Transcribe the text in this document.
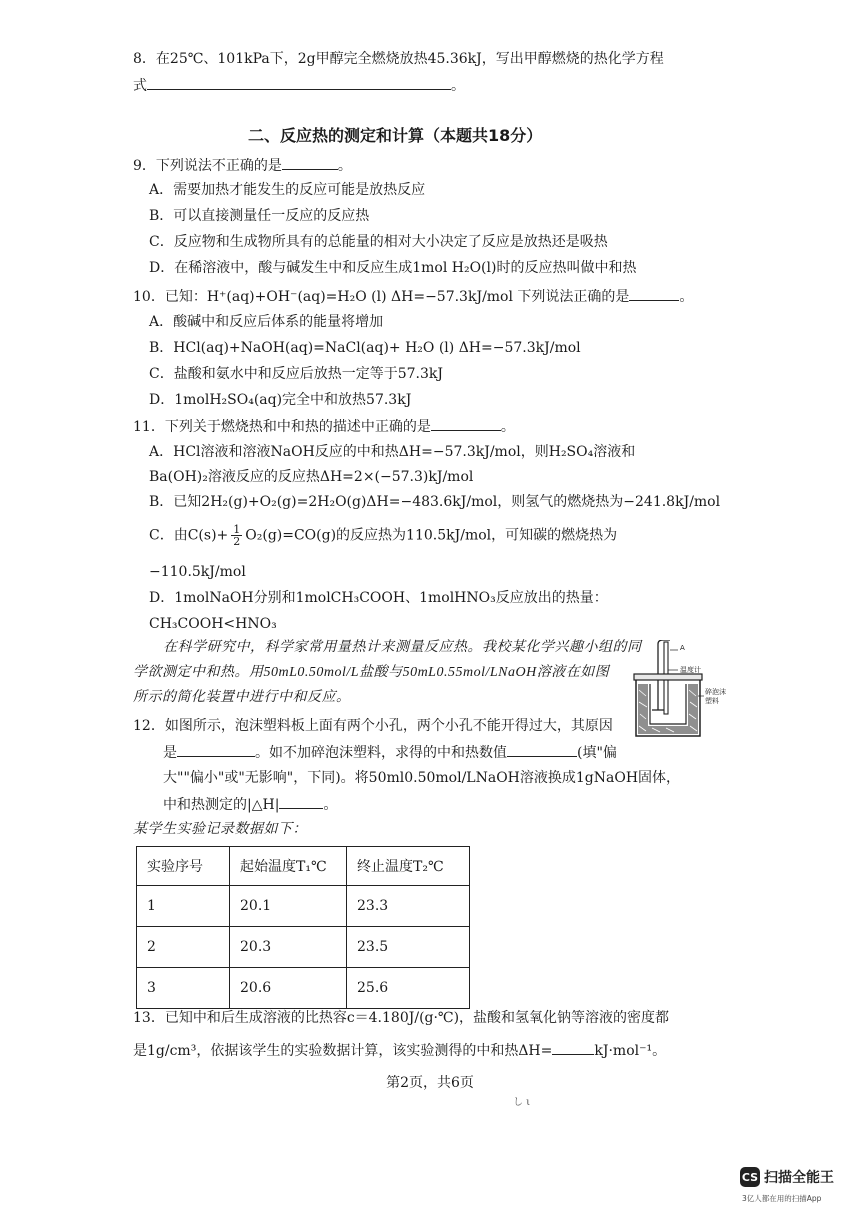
8．在25℃、101kPa下，2g甲醇完全燃烧放热45.36kJ，写出甲醇燃烧的热化学方程
式	。
二、反应热的测定和计算（本题共18分）
9．下列说法不正确的是	。
A．需要加热才能发生的反应可能是放热反应
B．可以直接测量任一反应的反应热
C．反应物和生成物所具有的总能量的相对大小决定了反应是放热还是吸热
D．在稀溶液中，酸与碱发生中和反应生成1mol H₂O(l)时的反应热叫做中和热
10．已知：H⁺(aq)+OH⁻(aq)=H₂O (l) ΔH=−57.3kJ/mol 下列说法正确的是	。
A．酸碱中和反应后体系的能量将增加
B．HCl(aq)+NaOH(aq)=NaCl(aq)+ H₂O (l) ΔH=−57.3kJ/mol
C．盐酸和氨水中和反应后放热一定等于57.3kJ
D．1molH₂SO₄(aq)完全中和放热57.3kJ
11．下列关于燃烧热和中和热的描述中正确的是	。
A．HCl溶液和溶液NaOH反应的中和热ΔH=−57.3kJ/mol，则H₂SO₄溶液和
Ba(OH)₂溶液反应的反应热ΔH=2×(−57.3)kJ/mol
B．已知2H₂(g)+O₂(g)=2H₂O(g)ΔH=−483.6kJ/mol，则氢气的燃烧热为−241.8kJ/mol
C．由$C(s)+ \frac{1}{2} O_2(g)=CO(g)$的反应热为110.5kJ/mol，可知碳的燃烧热为
−110.5kJ/mol
D．1molNaOH分别和1molCH₃COOH、1molHNO₃反应放出的热量：
CH₃COOH<HNO₃
在科学研究中，科学家常用量热计来测量反应热。我校某化学兴趣小组的同
学欲测定中和热。用50mL0.50mol/L盐酸与50mL0.55mol/LNaOH溶液在如图
所示的简化装置中进行中和反应。
A
温度计
碎泡沫
塑料
12．如图所示，泡沫塑料板上面有两个小孔，两个小孔不能开得过大，其原因
是	。如不加碎泡沫塑料，求得的中和热数值	(填"偏
大""偏小"或"无影响"，下同)。将50ml0.50mol/LNaOH溶液换成1gNaOH固体，
中和热测定的|△H|	。
某学生实验记录数据如下：
实验序号	起始温度T₁℃	终止温度T₂℃
1	20.1	23.3
2	20.3	23.5
3	20.6	25.6
13．已知中和后生成溶液的比热容c＝4.180J/(g·℃)，盐酸和氢氧化钠等溶液的密度都
是1g/cm³，依据该学生的实验数据计算，该实验测得的中和热ΔH=	kJ·mol⁻¹。
第2页，共6页
し ι
CS 扫描全能王
3亿人都在用的扫描App
